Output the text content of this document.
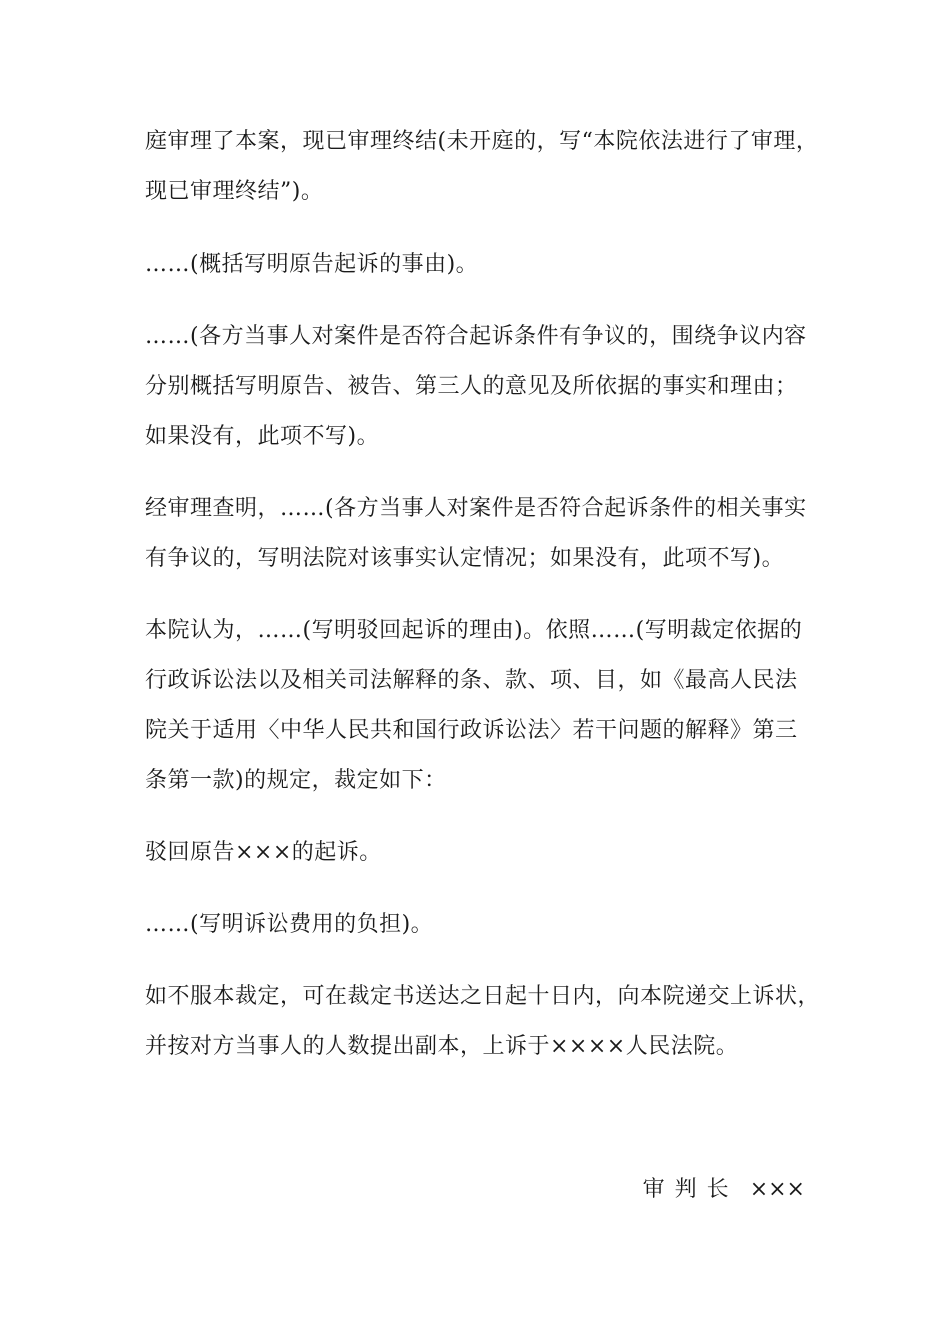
庭审理了本案，现已审理终结(未开庭的，写“本院依法进行了审理，
现已审理终结”)。
……(概括写明原告起诉的事由)。
……(各方当事人对案件是否符合起诉条件有争议的，围绕争议内容
分别概括写明原告、被告、第三人的意见及所依据的事实和理由；
如果没有，此项不写)。
经审理查明，……(各方当事人对案件是否符合起诉条件的相关事实
有争议的，写明法院对该事实认定情况；如果没有，此项不写)。
本院认为，……(写明驳回起诉的理由)。依照……(写明裁定依据的
行政诉讼法以及相关司法解释的条、款、项、目，如《最高人民法
院关于适用〈中华人民共和国行政诉讼法〉若干问题的解释》第三
条第一款)的规定，裁定如下：
驳回原告×××的起诉。
……(写明诉讼费用的负担)。
如不服本裁定，可在裁定书送达之日起十日内，向本院递交上诉状，
并按对方当事人的人数提出副本，上诉于××××人民法院。
审判长 ×××
